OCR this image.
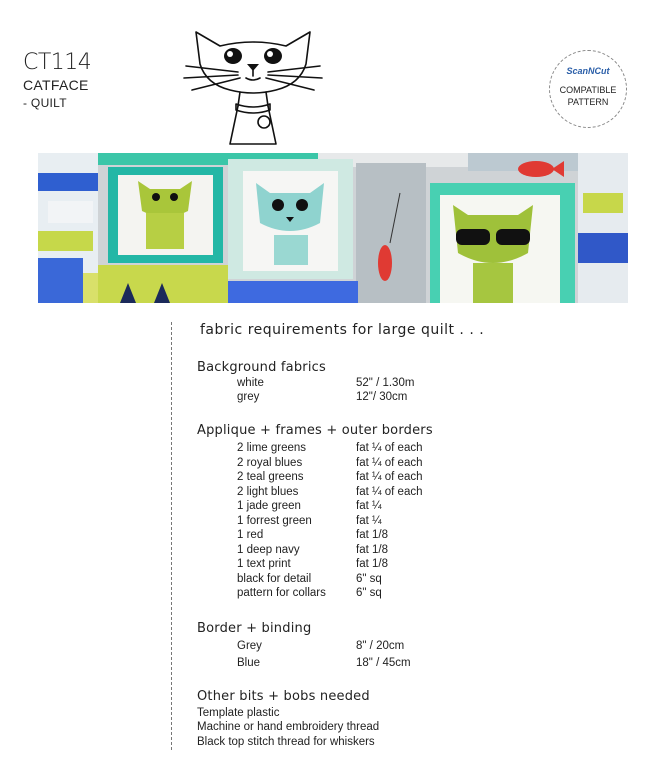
CT114
CATFACE
- QUILT
ScanNCut
COMPATIBLE
PATTERN
fabric requirements for large quilt . . .
Background fabrics
white	52" / 1.30m
grey	12"/ 30cm
Applique + frames + outer borders
2 lime greens	fat ¼ of each
2 royal blues	fat ¼ of each
2 teal greens	fat ¼ of each
2 light blues	fat ¼ of each
1 jade green	fat ¼
1 forrest green	fat ¼
1 red	fat 1/8
1 deep navy	fat 1/8
1 text print	fat 1/8
black for detail	6" sq
pattern for collars	6" sq
Border + binding
Grey	8" / 20cm
Blue	18" / 45cm
Other bits + bobs needed
Template plastic
Machine or hand embroidery thread
Black top stitch thread for whiskers
